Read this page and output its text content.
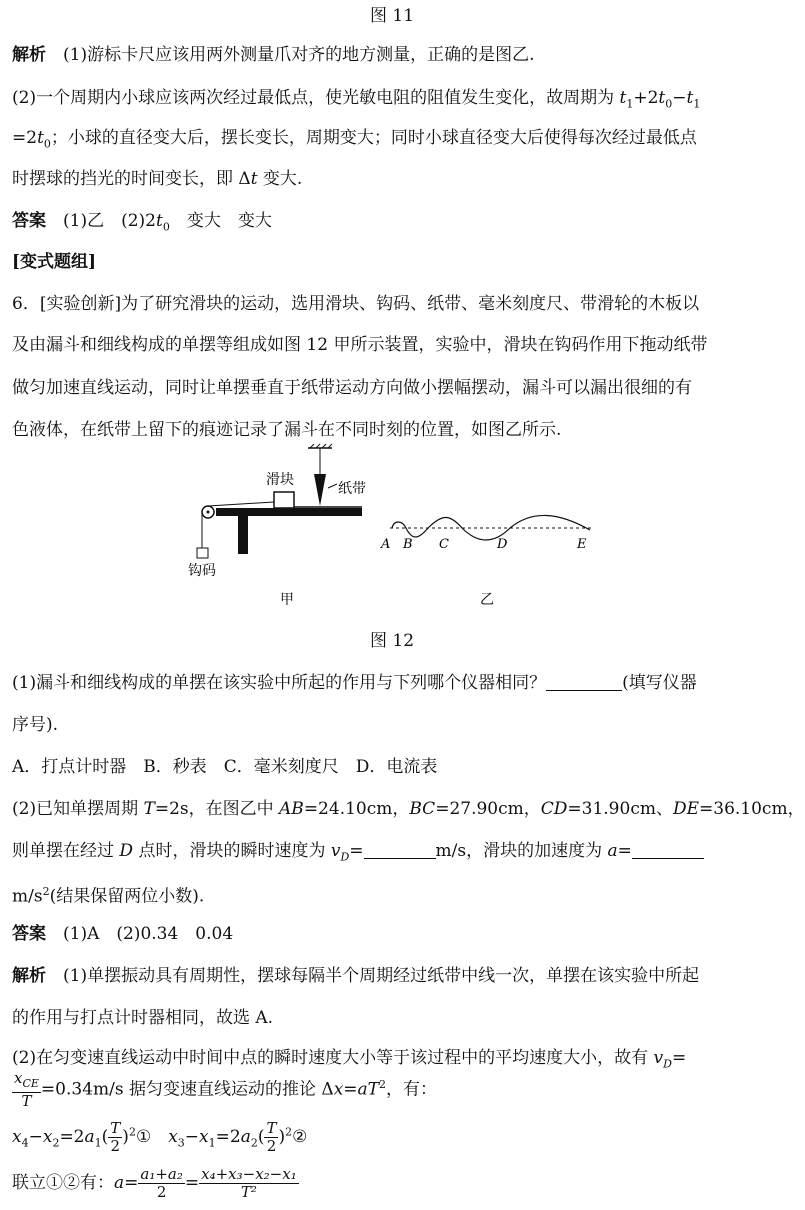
图 11
解析　 (1)游标卡尺应该用两外测量爪对齐的地方测量，正确的是图乙.
(2)一个周期内小球应该两次经过最低点，使光敏电阻的阻值发生变化，故周期为 $t_1+2t_0-t_1$
$=2t_0$；小球的直径变大后，摆长变长，周期变大；同时小球直径变大后使得每次经过最低点
时摆球的挡光的时间变长，即 Δt 变大.
答案　 (1)乙　$(2)2t_0$　变大　变大
[变式题组]
6．[实验创新]为了研究滑块的运动，选用滑块、钩码、纸带、毫米刻度尺、带滑轮的木板以
及由漏斗和细线构成的单摆等组成如图 12 甲所示装置，实验中，滑块在钩码作用下拖动纸带
做匀加速直线运动，同时让单摆垂直于纸带运动方向做小摆幅摆动，漏斗可以漏出很细的有
色液体，在纸带上留下的痕迹记录了漏斗在不同时刻的位置，如图乙所示.
纸带
滑块
钩码
甲
A B C	D	E
乙
图 12
(1)漏斗和细线构成的单摆在该实验中所起的作用与下列哪个仪器相同？	(填写仪器
序号).
A．打点计时器　B．秒表　C．毫米刻度尺　D．电流表
(2)已知单摆周期 T=2s，在图乙中 AB=24.10cm，BC=27.90cm，CD=31.90cm、DE=36.10cm，
则单摆在经过 D 点时，滑块的瞬时速度为 $v_D=$	m/s，滑块的加速度为 a=
$m/s^2$(结果保留两位小数).
答案　 (1)A　(2)0.34　0.04
解析　 (1)单摆振动具有周期性，摆球每隔半个周期经过纸带中线一次，单摆在该实验中所起
的作用与打点计时器相同，故选 A.
(2)在匀变速直线运动中时间中点的瞬时速度大小等于该过程中的平均速度大小，故有 $v_D=$
$\frac{x_{CE}}{T} =0.34m/s$ 据匀变速直线运动的推论 $\Delta x=aT^2$，有：
$x_4-x_2=2a_1( \frac{T}{2}$ )$^2①$　 $x_3-x_1=2a_2( \frac{T}{2}$ )$^2②$
联立①②有：$a= \frac{\text{a₁+a₂}}{2} = \frac{\text{x₄+x₃−x₂−x₁}}{\text{T²}}$
